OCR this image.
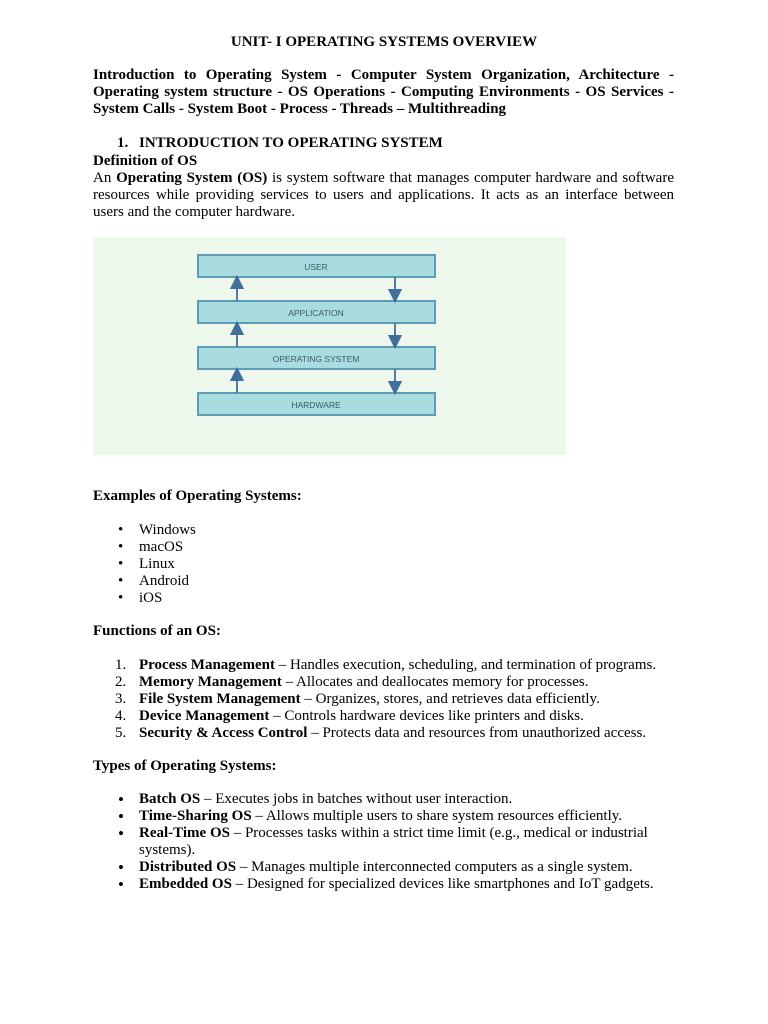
UNIT- I OPERATING SYSTEMS OVERVIEW

Introduction to Operating System - Computer System Organization, Architecture - Operating system structure - OS Operations - Computing Environments - OS Services - System Calls - System Boot - Process - Threads – Multithreading

1. INTRODUCTION TO OPERATING SYSTEM

Definition of OS

An Operating System (OS) is system software that manages computer hardware and software resources while providing services to users and applications. It acts as an interface between users and the computer hardware.

USER
APPLICATION
OPERATING SYSTEM
HARDWARE

Examples of Operating Systems:

• Windows
• macOS
• Linux
• Android
• iOS

Functions of an OS:

1. Process Management – Handles execution, scheduling, and termination of programs.
2. Memory Management – Allocates and deallocates memory for processes.
3. File System Management – Organizes, stores, and retrieves data efficiently.
4. Device Management – Controls hardware devices like printers and disks.
5. Security & Access Control – Protects data and resources from unauthorized access.

Types of Operating Systems:

• Batch OS – Executes jobs in batches without user interaction.
• Time-Sharing OS – Allows multiple users to share system resources efficiently.
• Real-Time OS – Processes tasks within a strict time limit (e.g., medical or industrial systems).
• Distributed OS – Manages multiple interconnected computers as a single system.
• Embedded OS – Designed for specialized devices like smartphones and IoT gadgets.
